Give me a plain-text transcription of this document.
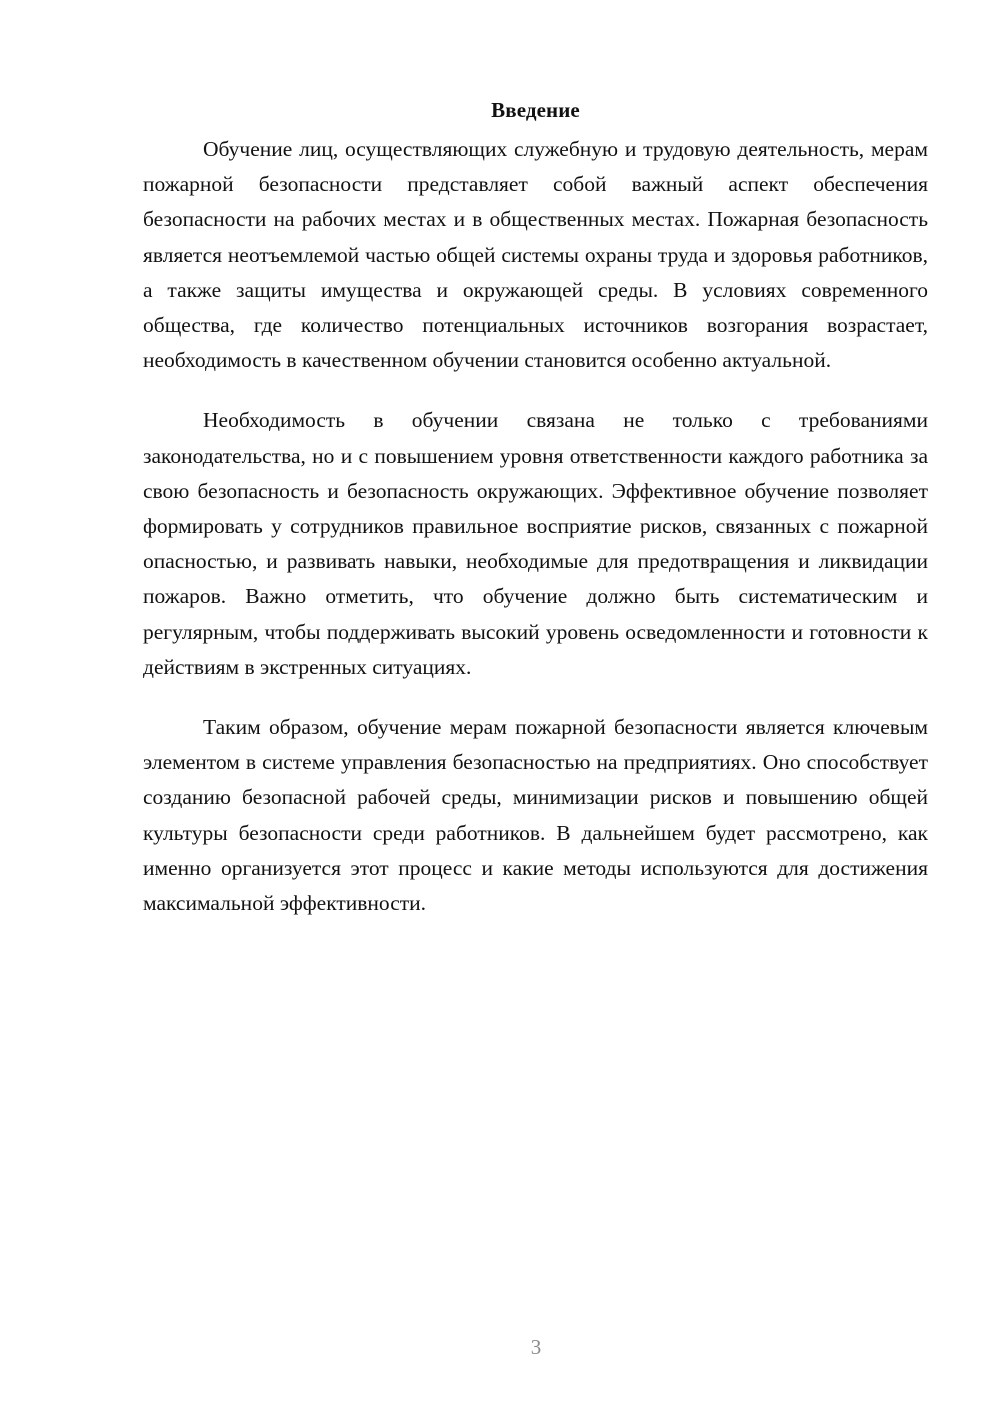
Введение

Обучение лиц, осуществляющих служебную и трудовую деятельность, мерам пожарной безопасности представляет собой важный аспект обеспечения безопасности на рабочих местах и в общественных местах. Пожарная безопасность является неотъемлемой частью общей системы охраны труда и здоровья работников, а также защиты имущества и окружающей среды. В условиях современного общества, где количество потенциальных источников возгорания возрастает, необходимость в качественном обучении становится особенно актуальной.

Необходимость в обучении связана не только с требованиями законодательства, но и с повышением уровня ответственности каждого работника за свою безопасность и безопасность окружающих. Эффективное обучение позволяет формировать у сотрудников правильное восприятие рисков, связанных с пожарной опасностью, и развивать навыки, необходимые для предотвращения и ликвидации пожаров. Важно отметить, что обучение должно быть систематическим и регулярным, чтобы поддерживать высокий уровень осведомленности и готовности к действиям в экстренных ситуациях.

Таким образом, обучение мерам пожарной безопасности является ключевым элементом в системе управления безопасностью на предприятиях. Оно способствует созданию безопасной рабочей среды, минимизации рисков и повышению общей культуры безопасности среди работников. В дальнейшем будет рассмотрено, как именно организуется этот процесс и какие методы используются для достижения максимальной эффективности.

3
